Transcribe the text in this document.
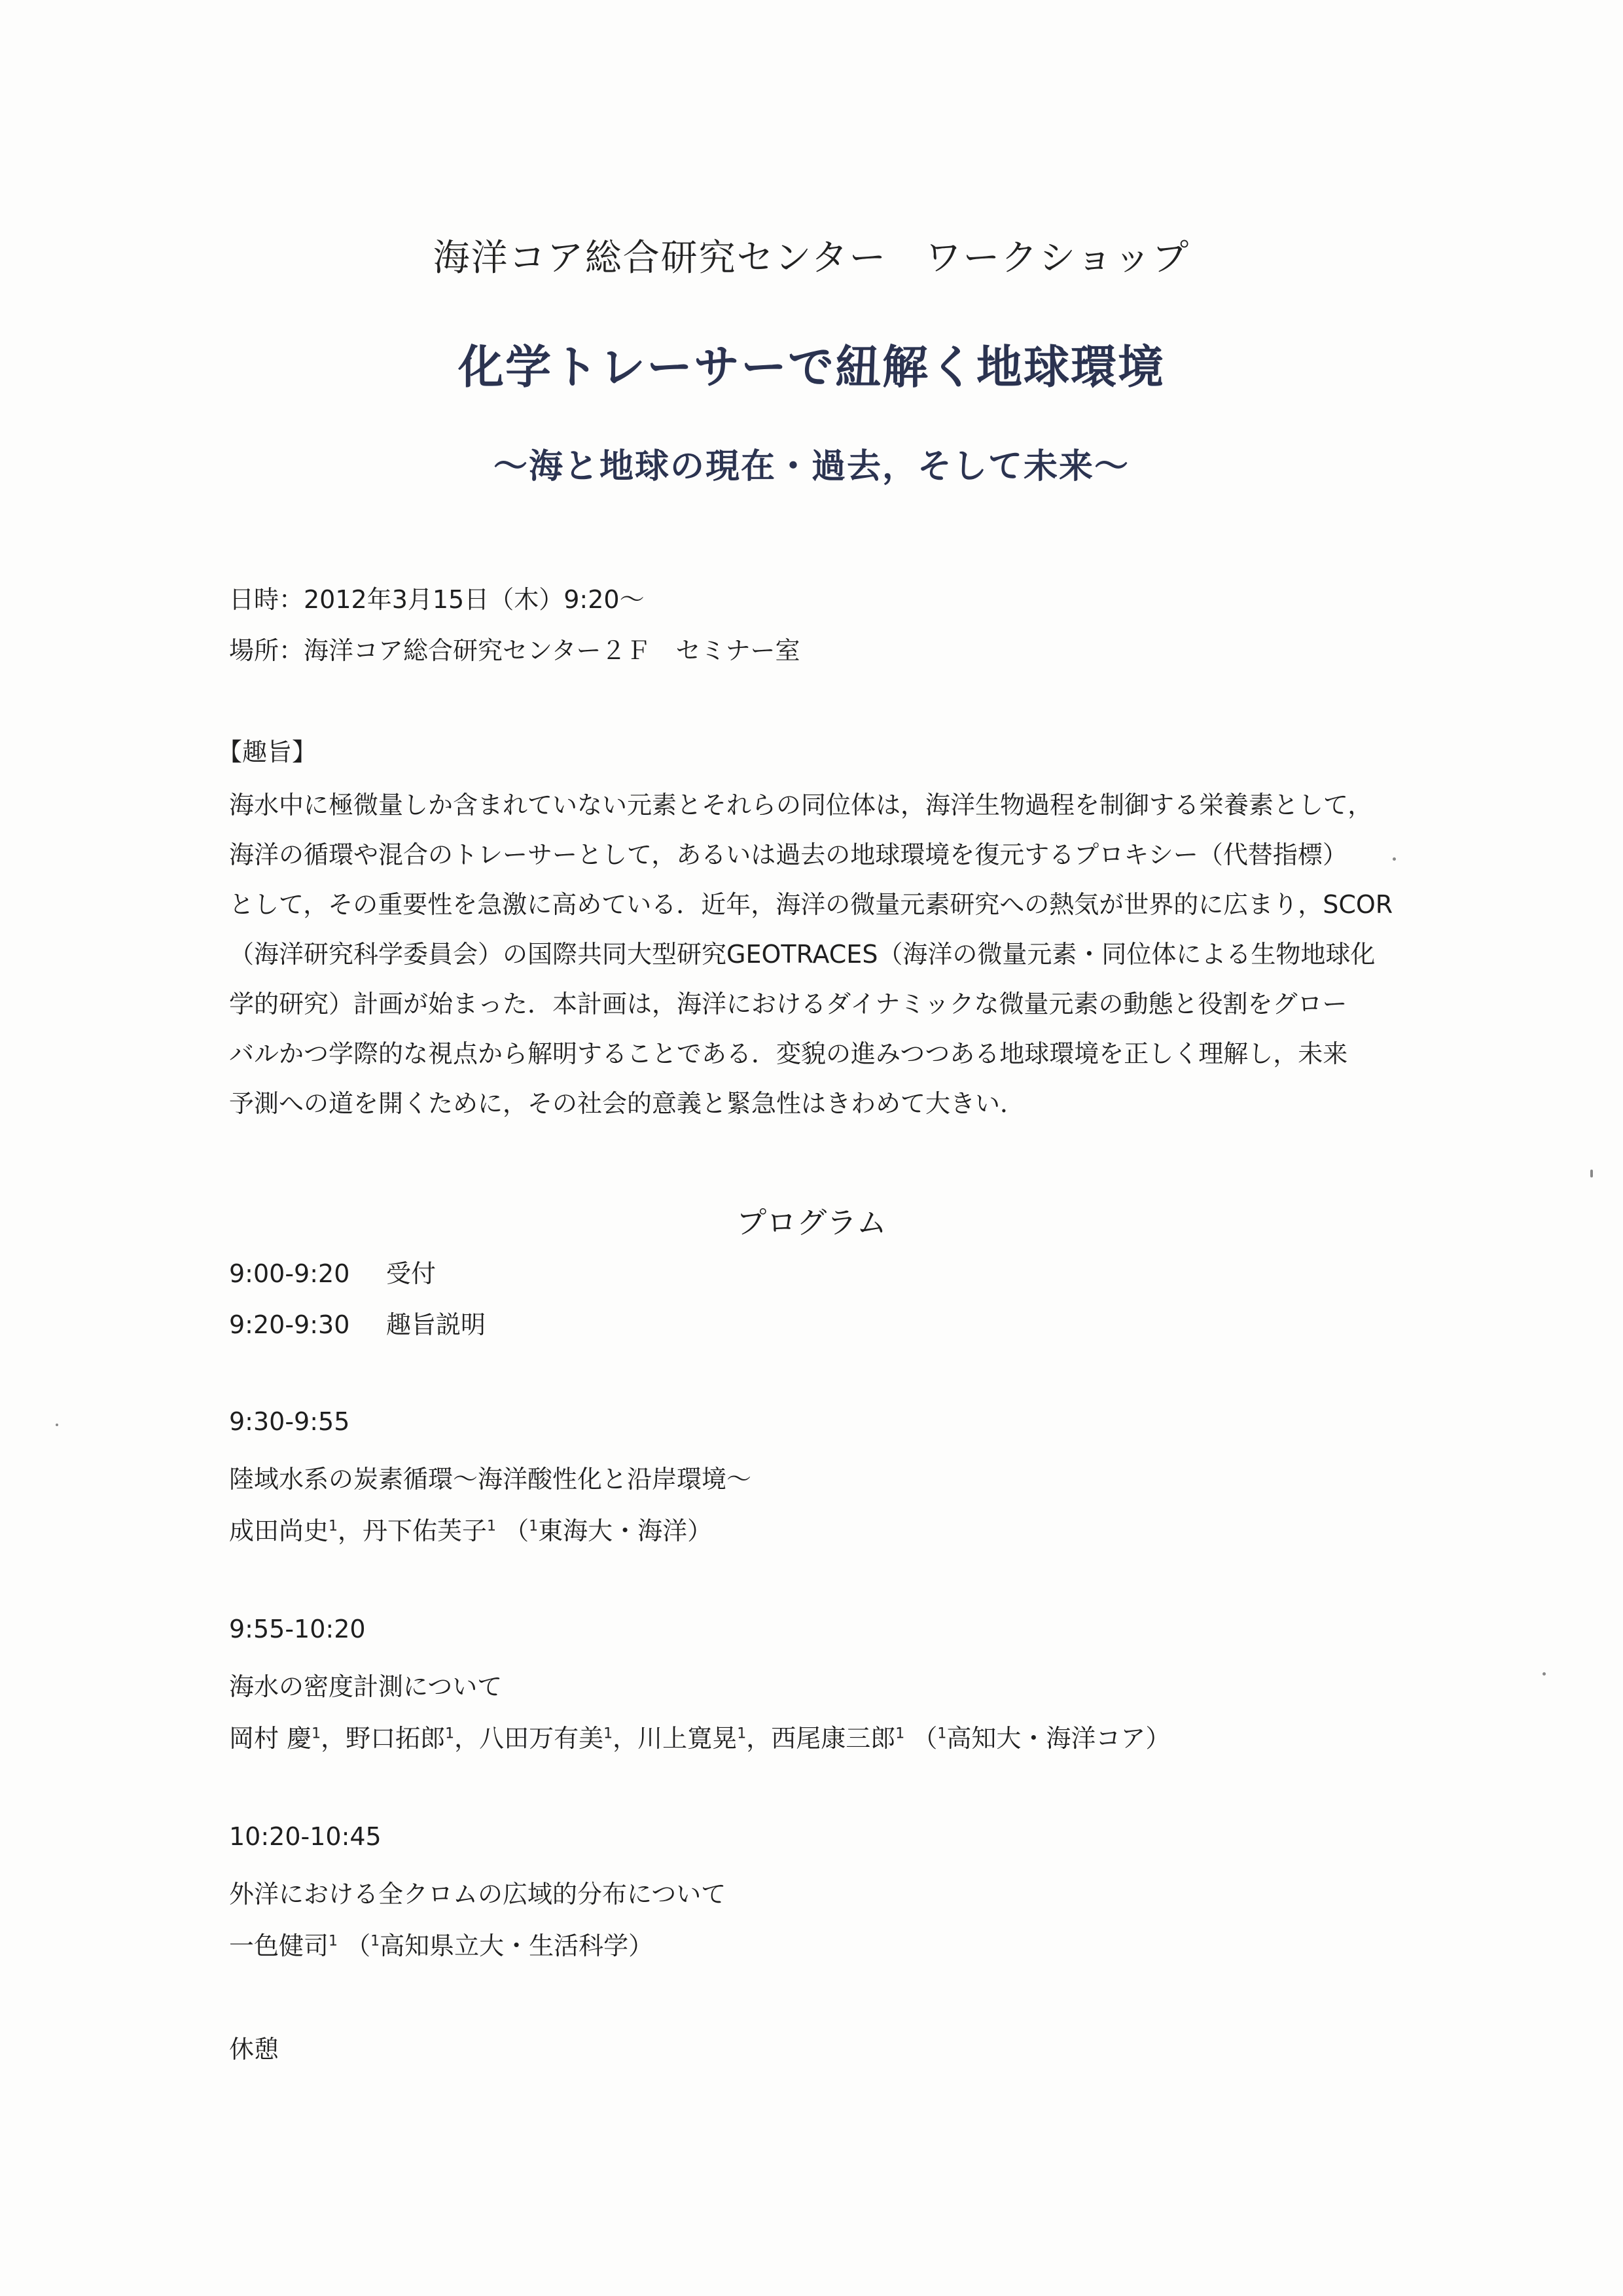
海洋コア総合研究センター　ワークショップ
化学トレーサーで紐解く地球環境
〜海と地球の現在・過去，そして未来〜
日時：2012年3月15日（木）9:20〜
場所：海洋コア総合研究センター２Ｆ　セミナー室
【趣旨】
海水中に極微量しか含まれていない元素とそれらの同位体は，海洋生物過程を制御する栄養素として，
海洋の循環や混合のトレーサーとして，あるいは過去の地球環境を復元するプロキシー（代替指標）
として，その重要性を急激に高めている．近年，海洋の微量元素研究への熱気が世界的に広まり，SCOR
（海洋研究科学委員会）の国際共同大型研究GEOTRACES（海洋の微量元素・同位体による生物地球化
学的研究）計画が始まった．本計画は，海洋におけるダイナミックな微量元素の動態と役割をグロー
バルかつ学際的な視点から解明することである．変貌の進みつつある地球環境を正しく理解し，未来
予測への道を開くために，その社会的意義と緊急性はきわめて大きい．
プログラム
9:00-9:20 受付
9:20-9:30 趣旨説明
9:30-9:55
陸域水系の炭素循環〜海洋酸性化と沿岸環境〜
成田尚史$^1$，丹下佑芙子$^1$ （$^1$東海大・海洋）
9:55-10:20
海水の密度計測について
岡村 慶$^1$，野口拓郎$^1$，八田万有美$^1$，川上寛晃$^1$，西尾康三郎$^1$ （$^1$高知大・海洋コア）
10:20-10:45
外洋における全クロムの広域的分布について
一色健司$^1$ （$^1$高知県立大・生活科学）
休憩
